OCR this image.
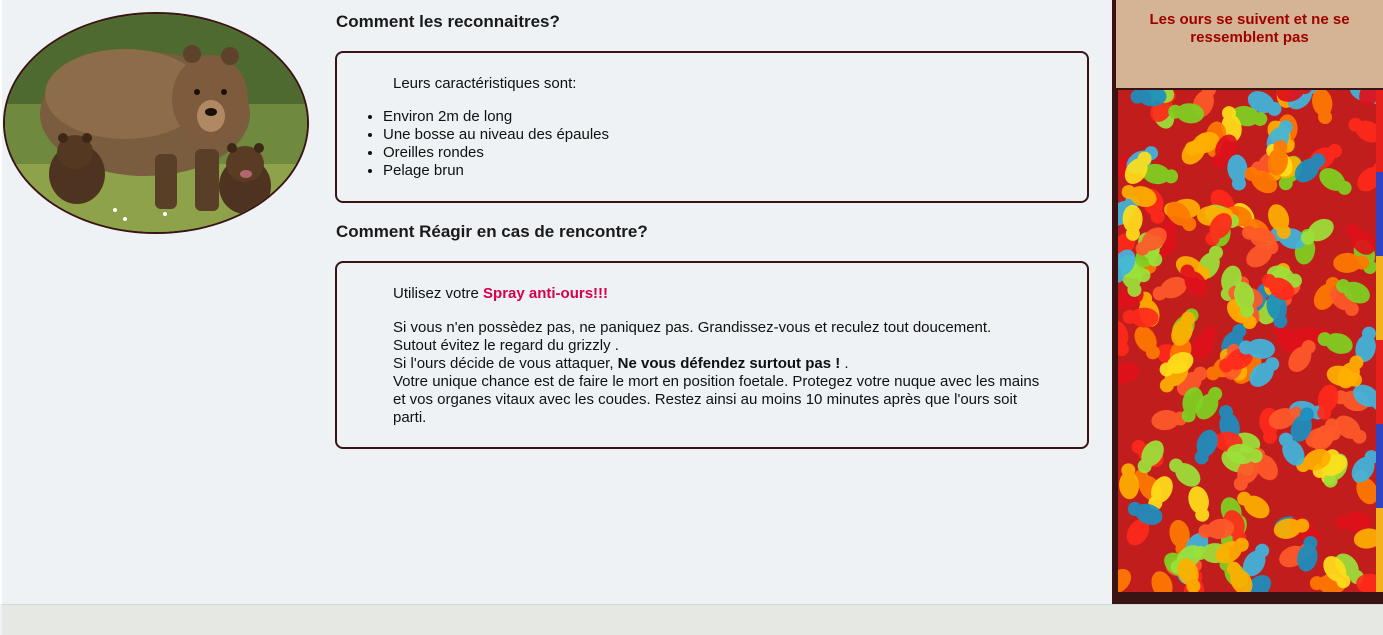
Comment les reconnaitres?

Leurs caractéristiques sont:

• Environ 2m de long
• Une bosse au niveau des épaules
• Oreilles rondes
• Pelage brun
Comment Réagir en cas de rencontre?

Utilisez votre Spray anti-ours!!!

Si vous n'en possèdez pas, ne paniquez pas. Grandissez-vous et reculez tout doucement.
Sutout évitez le regard du grizzly .
Si l'ours décide de vous attaquer, Ne vous défendez surtout pas ! .
Votre unique chance est de faire le mort en position foetale. Protegez votre nuque avec les mains et vos organes vitaux avec les coudes. Restez ainsi au moins 10 minutes après que l'ours soit parti.

Les ours se suivent et ne se ressemblent pas
